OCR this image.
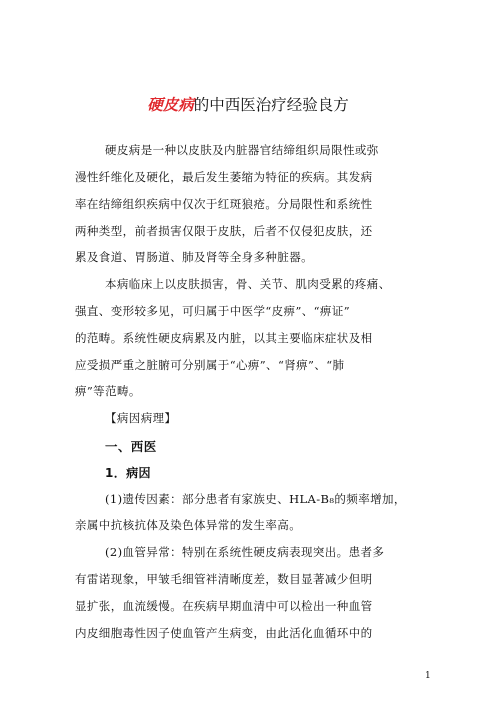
硬皮病的中西医治疗经验良方
硬皮病是一种以皮肤及内脏器官结缔组织局限性或弥
漫性纤维化及硬化，最后发生萎缩为特征的疾病。其发病
率在结缔组织疾病中仅次于红斑狼疮。分局限性和系统性
两种类型，前者损害仅限于皮肤，后者不仅侵犯皮肤，还
累及食道、胃肠道、肺及肾等全身多种脏器。
本病临床上以皮肤损害，骨、关节、肌肉受累的疼痛、
强直、变形较多见，可归属于中医学“皮痹”、“痹证”
的范畴。系统性硬皮病累及内脏，以其主要临床症状及相
应受损严重之脏腑可分别属于“心痹”、“肾痹”、“肺
痹”等范畴。
【病因病理】
一、西医
1．病因
(1)遗传因素：部分患者有家族史、HLA-B₈的频率增加，
亲属中抗核抗体及染色体异常的发生率高。
(2)血管异常：特别在系统性硬皮病表现突出。患者多
有雷诺现象，甲皱毛细管袢清晰度差，数目显著减少但明
显扩张，血流缓慢。在疾病早期血清中可以检出一种血管
内皮细胞毒性因子使血管产生病变，由此活化血循环中的
1
